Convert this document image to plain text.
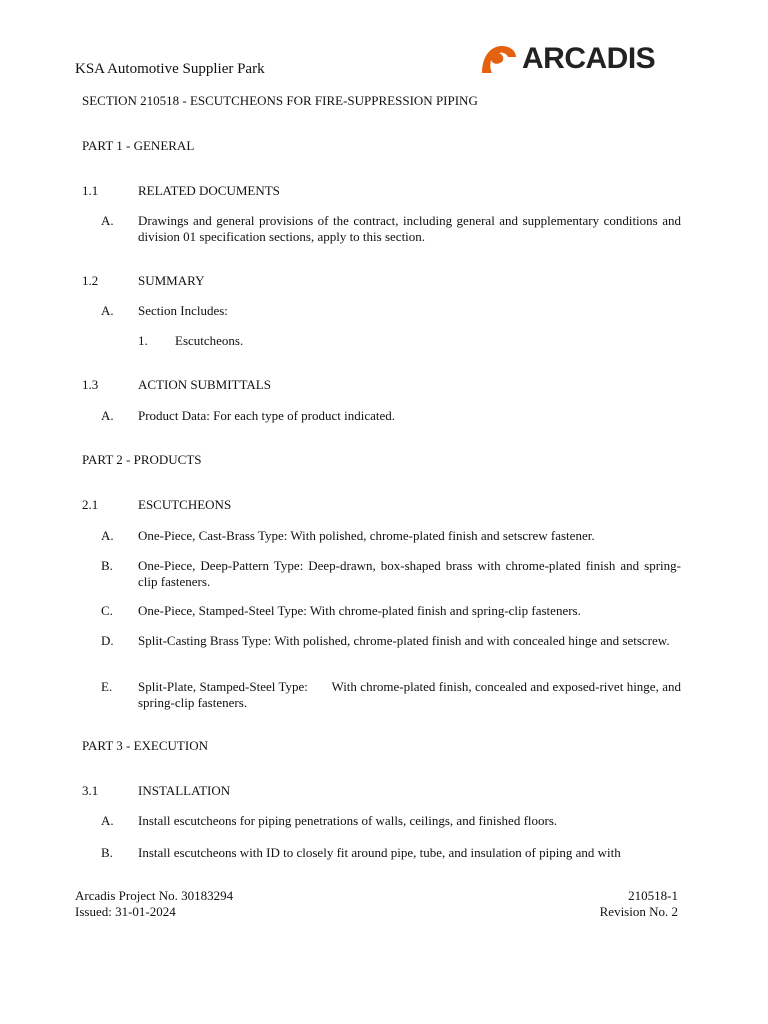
KSA Automotive Supplier Park	ARCADIS
SECTION 210518 - ESCUTCHEONS FOR FIRE-SUPPRESSION PIPING
PART 1 - GENERAL
1.1	RELATED DOCUMENTS
A. Drawings and general provisions of the contract, including general and supplementary conditions and division 01 specification sections, apply to this section.
1.2	SUMMARY
A. Section Includes:
1. Escutcheons.
1.3	ACTION SUBMITTALS
A. Product Data: For each type of product indicated.
PART 2 - PRODUCTS
2.1	ESCUTCHEONS
A. One-Piece, Cast-Brass Type: With polished, chrome-plated finish and setscrew fastener.
B. One-Piece, Deep-Pattern Type: Deep-drawn, box-shaped brass with chrome-plated finish and spring-clip fasteners.
C. One-Piece, Stamped-Steel Type: With chrome-plated finish and spring-clip fasteners.
D. Split-Casting Brass Type: With polished, chrome-plated finish and with concealed hinge and setscrew.
E. Split-Plate, Stamped-Steel Type:       With chrome-plated finish, concealed and exposed-rivet hinge, and spring-clip fasteners.
PART 3 - EXECUTION
3.1	INSTALLATION
A. Install escutcheons for piping penetrations of walls, ceilings, and finished floors.
B. Install escutcheons with ID to closely fit around pipe, tube, and insulation of piping and with
Arcadis Project No. 30183294
Issued: 31-01-2024
210518-1
Revision No. 2
